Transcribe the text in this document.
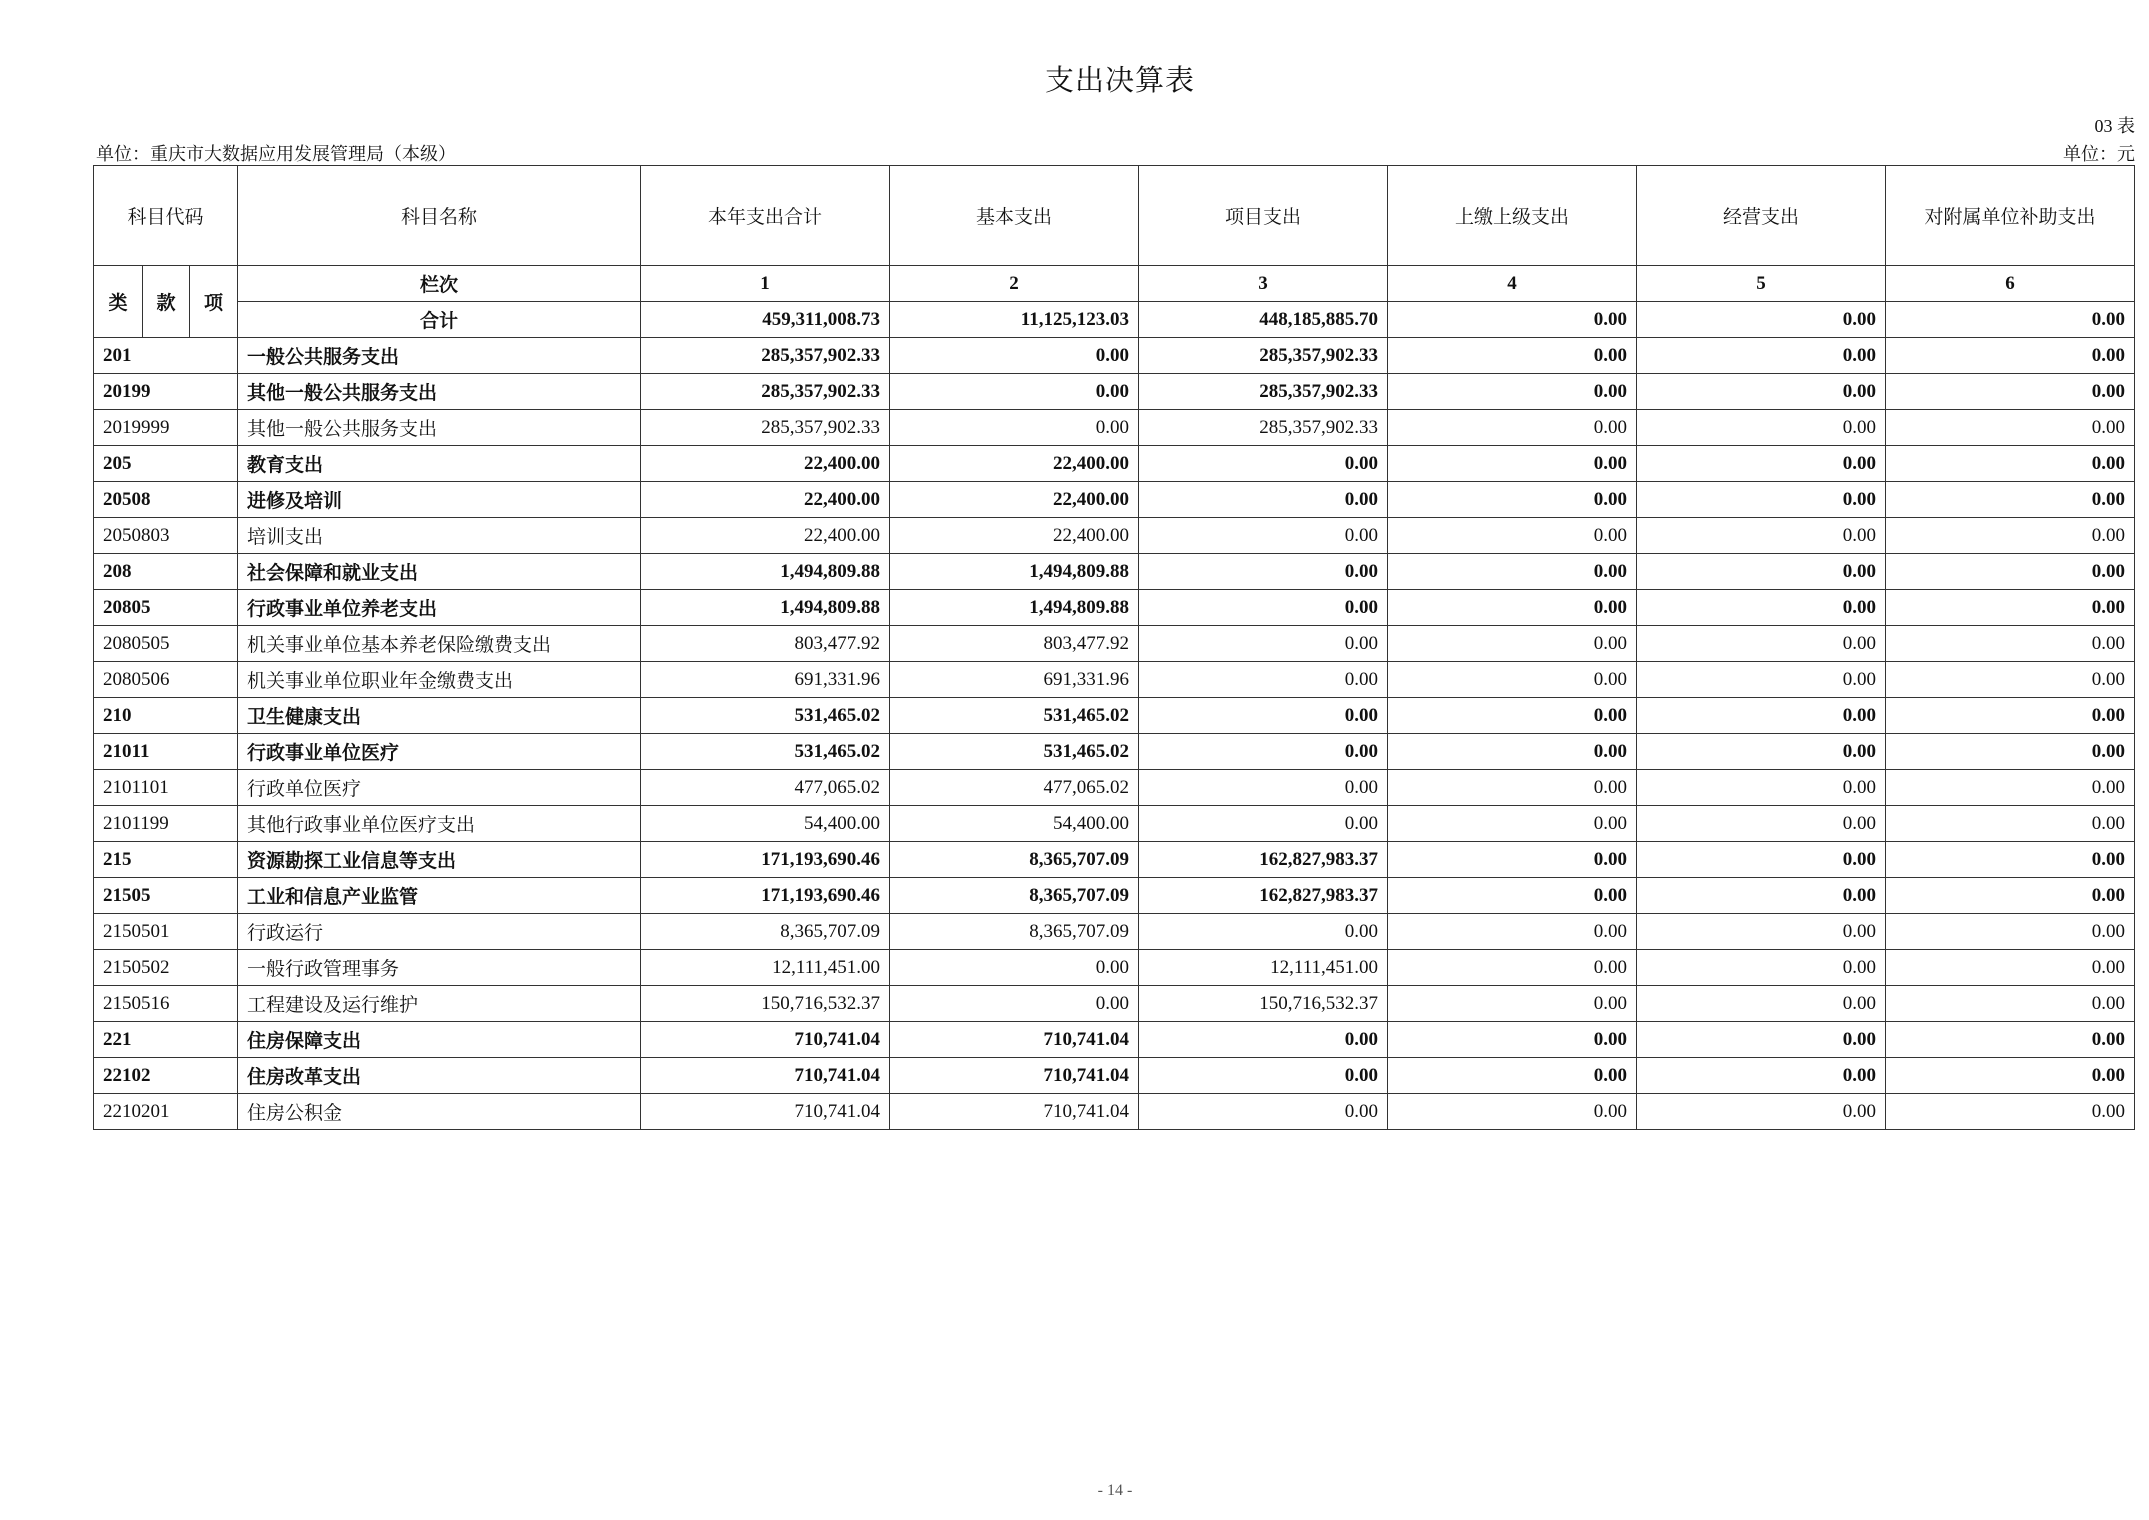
支出决算表
03 表
单位：重庆市大数据应用发展管理局（本级）	单位：元
科目代码			科目名称	本年支出合计	基本支出	项目支出	上缴上级支出	经营支出	对附属单位补助支出
类	款	项	栏次	1	2	3	4	5	6
			合计	459,311,008.73	11,125,123.03	448,185,885.70	0.00	0.00	0.00
201			一般公共服务支出	285,357,902.33	0.00	285,357,902.33	0.00	0.00	0.00
20199			其他一般公共服务支出	285,357,902.33	0.00	285,357,902.33	0.00	0.00	0.00
2019999			其他一般公共服务支出	285,357,902.33	0.00	285,357,902.33	0.00	0.00	0.00
205			教育支出	22,400.00	22,400.00	0.00	0.00	0.00	0.00
20508			进修及培训	22,400.00	22,400.00	0.00	0.00	0.00	0.00
2050803			培训支出	22,400.00	22,400.00	0.00	0.00	0.00	0.00
208			社会保障和就业支出	1,494,809.88	1,494,809.88	0.00	0.00	0.00	0.00
20805			行政事业单位养老支出	1,494,809.88	1,494,809.88	0.00	0.00	0.00	0.00
2080505			机关事业单位基本养老保险缴费支出	803,477.92	803,477.92	0.00	0.00	0.00	0.00
2080506			机关事业单位职业年金缴费支出	691,331.96	691,331.96	0.00	0.00	0.00	0.00
210			卫生健康支出	531,465.02	531,465.02	0.00	0.00	0.00	0.00
21011			行政事业单位医疗	531,465.02	531,465.02	0.00	0.00	0.00	0.00
2101101			行政单位医疗	477,065.02	477,065.02	0.00	0.00	0.00	0.00
2101199			其他行政事业单位医疗支出	54,400.00	54,400.00	0.00	0.00	0.00	0.00
215			资源勘探工业信息等支出	171,193,690.46	8,365,707.09	162,827,983.37	0.00	0.00	0.00
21505			工业和信息产业监管	171,193,690.46	8,365,707.09	162,827,983.37	0.00	0.00	0.00
2150501			行政运行	8,365,707.09	8,365,707.09	0.00	0.00	0.00	0.00
2150502			一般行政管理事务	12,111,451.00	0.00	12,111,451.00	0.00	0.00	0.00
2150516			工程建设及运行维护	150,716,532.37	0.00	150,716,532.37	0.00	0.00	0.00
221			住房保障支出	710,741.04	710,741.04	0.00	0.00	0.00	0.00
22102			住房改革支出	710,741.04	710,741.04	0.00	0.00	0.00	0.00
2210201			住房公积金	710,741.04	710,741.04	0.00	0.00	0.00	0.00
- 14 -
